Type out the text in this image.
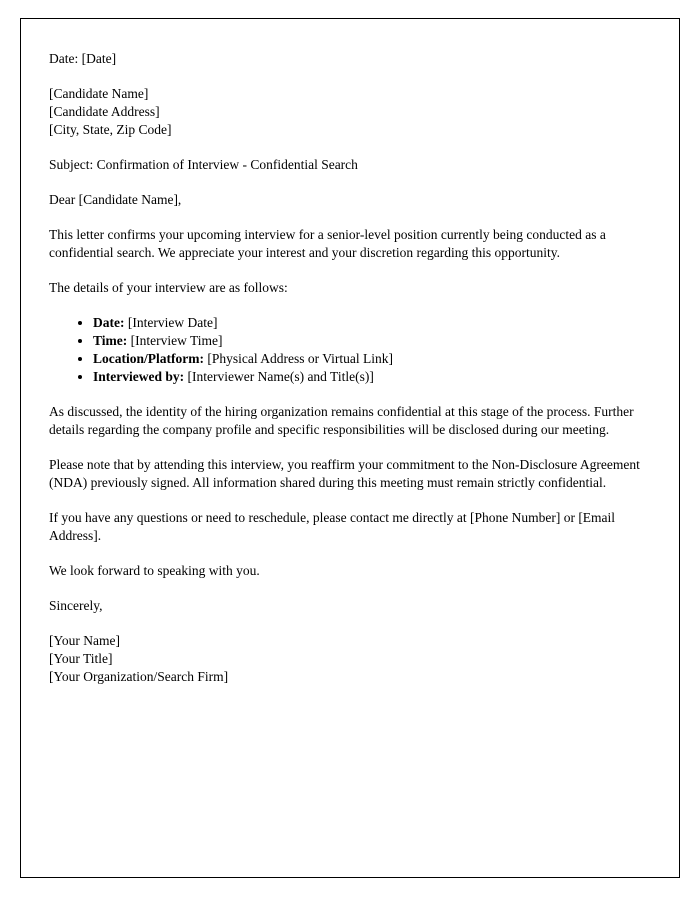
Date: [Date]

[Candidate Name]

[Candidate Address]

[City, State, Zip Code]

Subject: Confirmation of Interview - Confidential Search

Dear [Candidate Name],

This letter confirms your upcoming interview for a senior-level position currently being conducted as a confidential search. We appreciate your interest and your discretion regarding this opportunity.

The details of your interview are as follows:

• Date: [Interview Date]
• Time: [Interview Time]
• Location/Platform: [Physical Address or Virtual Link]
• Interviewed by: [Interviewer Name(s) and Title(s)]

As discussed, the identity of the hiring organization remains confidential at this stage of the process. Further details regarding the company profile and specific responsibilities will be disclosed during our meeting.

Please note that by attending this interview, you reaffirm your commitment to the Non-Disclosure Agreement (NDA) previously signed. All information shared during this meeting must remain strictly confidential.

If you have any questions or need to reschedule, please contact me directly at [Phone Number] or [Email Address].

We look forward to speaking with you.

Sincerely,

[Your Name]

[Your Title]

[Your Organization/Search Firm]
